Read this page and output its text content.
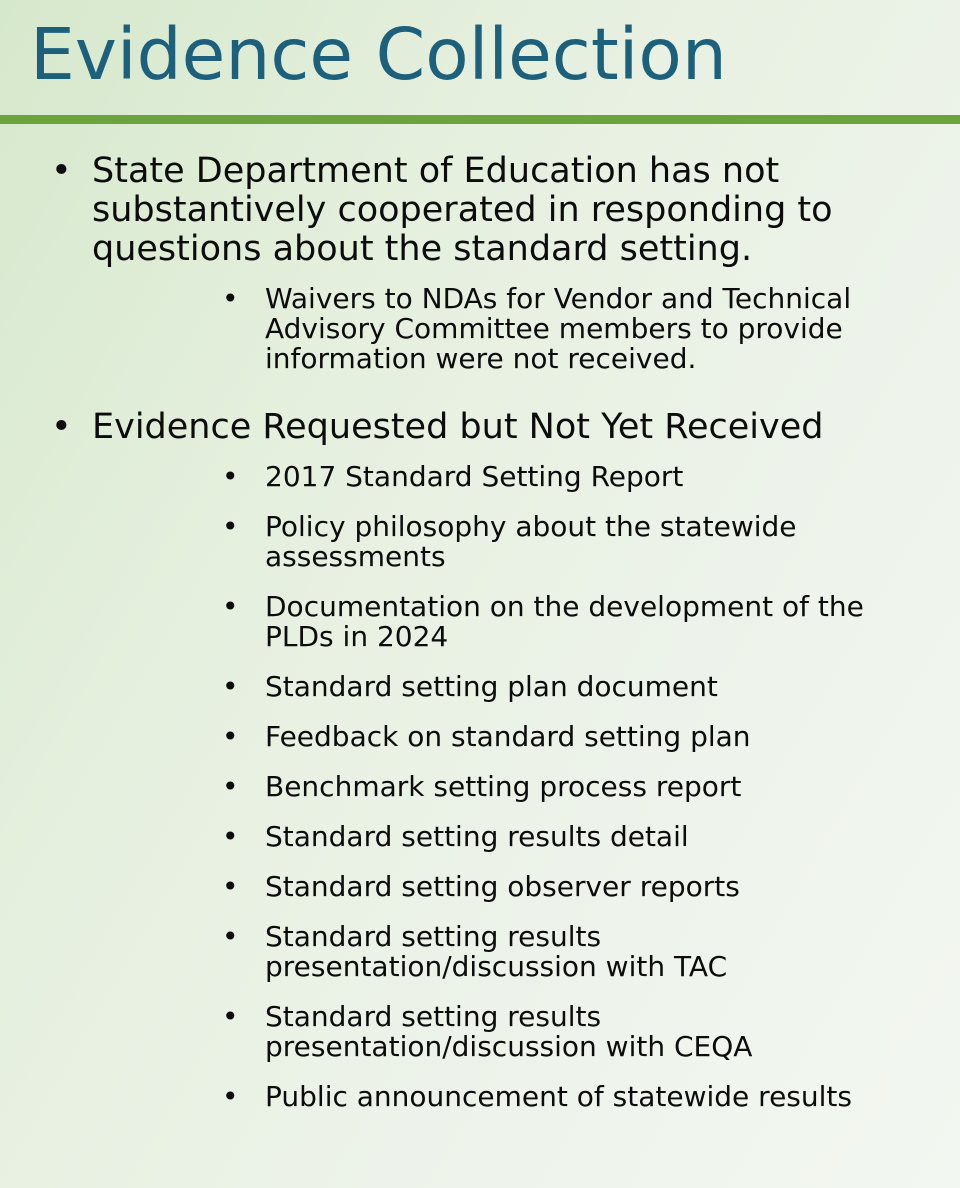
Evidence Collection
• State Department of Education has not substantively cooperated in responding to questions about the standard setting.
• Waivers to NDAs for Vendor and Technical Advisory Committee members to provide information were not received.
• Evidence Requested but Not Yet Received
• 2017 Standard Setting Report
• Policy philosophy about the statewide assessments
• Documentation on the development of the PLDs in 2024
• Standard setting plan document
• Feedback on standard setting plan
• Benchmark setting process report
• Standard setting results detail
• Standard setting observer reports
• Standard setting results presentation/discussion with TAC
• Standard setting results presentation/discussion with CEQA
• Public announcement of statewide results
